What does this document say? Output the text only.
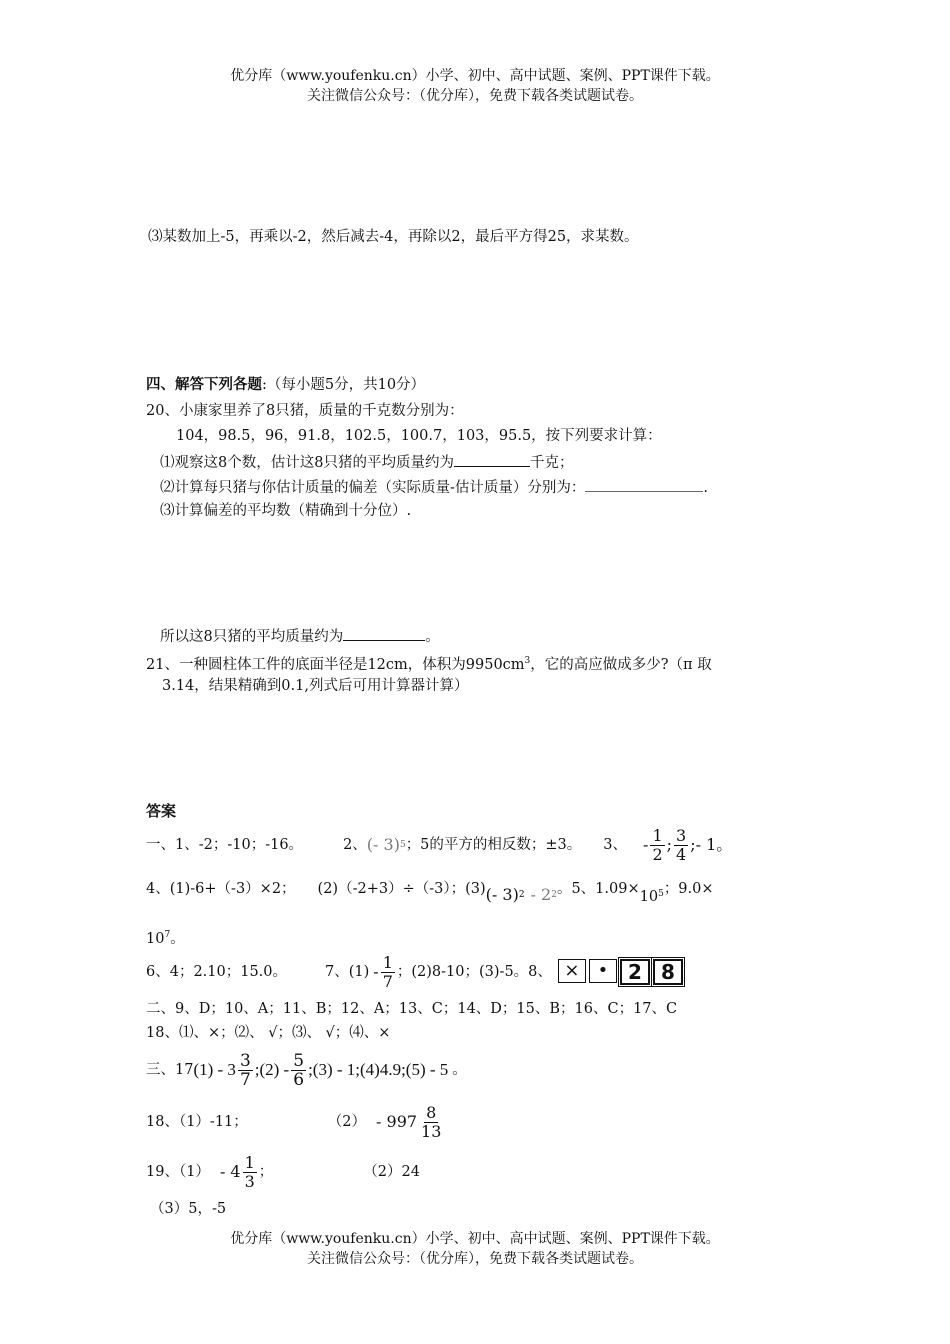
优分库（www.youfenku.cn）小学、初中、高中试题、案例、PPT课件下载。
关注微信公众号：（优分库），免费下载各类试题试卷。
⑶某数加上-5，再乘以-2，然后减去-4，再除以2，最后平方得25，求某数。
四、解答下列各题:（每小题5分，共10分）
20、小康家里养了8只猪，质量的千克数分别为：
104，98.5，96，91.8，102.5，100.7，103，95.5，按下列要求计算：
⑴观察这8个数，估计这8只猪的平均质量约为	千克；
⑵计算每只猪与你估计质量的偏差（实际质量-估计质量）分别为：	.
⑶计算偏差的平均数（精确到十分位）.
所以这8只猪的平均质量约为	。
21、一种圆柱体工件的底面半径是12cm，体积为$9950cm^3$，它的高应做成多少?（π 取
3.14，结果精确到0.1,列式后可用计算器计算）
答案
一、1、-2；-10；-16。	2、 (- 3) 5 ；5的平方的相反数；±3。 3、 - $\frac{1}{2}$ ; $\frac{3}{4}$ ;- 1。
4、(1)-6+（-3）×2； (2)（-2+3）÷（-3）；(3) (- 3) 2 - 2 2 。5、1.09× 10 5 ；9.0×
$10^7$。
6、4；2.10；15.0。	7、$(1) - \frac{1}{7}$ ；(2)8-10；(3)-5。8、 ×	• 2 8
二、9、D；10、A；11、B；12、A；13、C；14、D；15、B；16、C；17、C
18、⑴、×；⑵、 √；⑶、 √；⑷、×
三、17 $(1) - 3 \frac{3}{7}$ ;(2) - $\frac{5}{6}$ ;(3) - 1;(4)4.9;(5) - 5 。
18、（1）-11；	$(2) - 997 \frac{8}{13}$
19、$(1) - 4 \frac{1}{3}$ ；	（2）24
（3）5，-5
优分库（www.youfenku.cn）小学、初中、高中试题、案例、PPT课件下载。
关注微信公众号：（优分库），免费下载各类试题试卷。
